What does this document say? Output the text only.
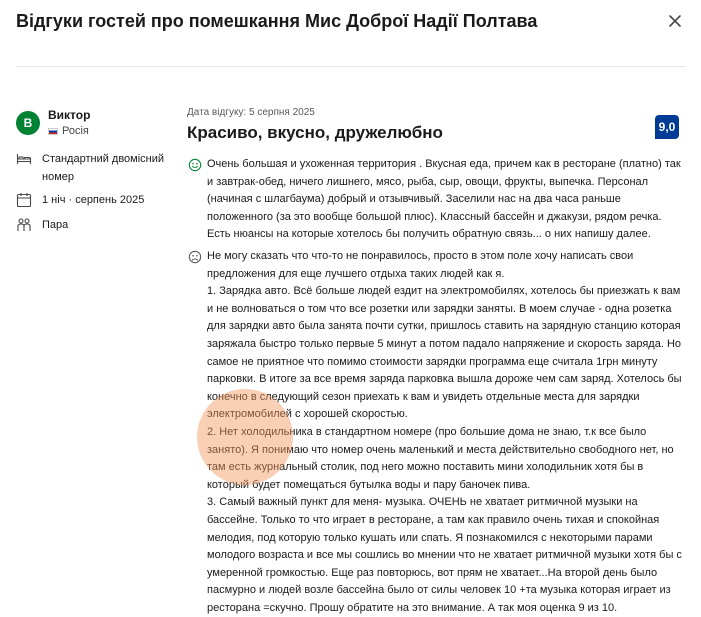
Відгуки гостей про помешкання Мис Доброї Надії Полтава
В
Виктор
Росія
Стандартний двомісний номер
1 ніч · серпень 2025
Пара
Дата відгуку: 5 серпня 2025
Красиво, вкусно, дружелюбно	9,0

Очень большая и ухоженная территория . Вкусная еда, причем как в ресторане (платно) так и завтрак-обед, ничего лишнего, мясо, рыба, сыр, овощи, фрукты, выпечка. Персонал (начиная с шлагбаума) добрый и отзывчивый. Заселили нас на два часа раньше положенного (за это вообще большой плюс). Классный бассейн и джакузи, рядом речка. Есть нюансы на которые хотелось бы получить обратную связь... о них напишу далее.

Не могу сказать что что-то не понравилось, просто в этом поле хочу написать свои предложения для еще лучшего отдыха таких людей как я.

1. Зарядка авто. Всё больше людей ездит на электромобилях, хотелось бы приезжать к вам и не волноваться о том что все розетки или зарядки заняты. В моем случае - одна розетка для зарядки авто была занята почти сутки, пришлось ставить на зарядную станцию которая заряжала быстро только первые 5 минут а потом падало напряжение и скорость заряда. Но самое не приятное что помимо стоимости зарядки программа еще считала 1грн минуту парковки. В итоге за все время заряда парковка вышла дороже чем сам заряд. Хотелось бы конечно в следующий сезон приехать к вам и увидеть отдельные места для зарядки электромобилей с хорошей скоростью.

2. Нет холодильника в стандартном номере (про большие дома не знаю, т.к все было занято). Я понимаю что номер очень маленький и места действительно свободного нет, но там есть журнальный столик, под него можно поставить мини холодильник хотя бы в который будет помещаться бутылка воды и пару баночек пива.

3. Самый важный пункт для меня- музыка. ОЧЕНЬ не хватает ритмичной музыки на бассейне. Только то что играет в ресторане, а там как правило очень тихая и спокойная мелодия, под которую только кушать или спать. Я познакомился с некоторыми парами молодого возраста и все мы сошлись во мнении что не хватает ритмичной музыки хотя бы с умеренной громкостью. Еще раз повторюсь, вот прям не хватает...На второй день было пасмурно и людей возле бассейна было от силы человек 10 +та музыка которая играет из ресторана =скучно. Прошу обратите на это внимание. А так моя оценка 9 из 10.
